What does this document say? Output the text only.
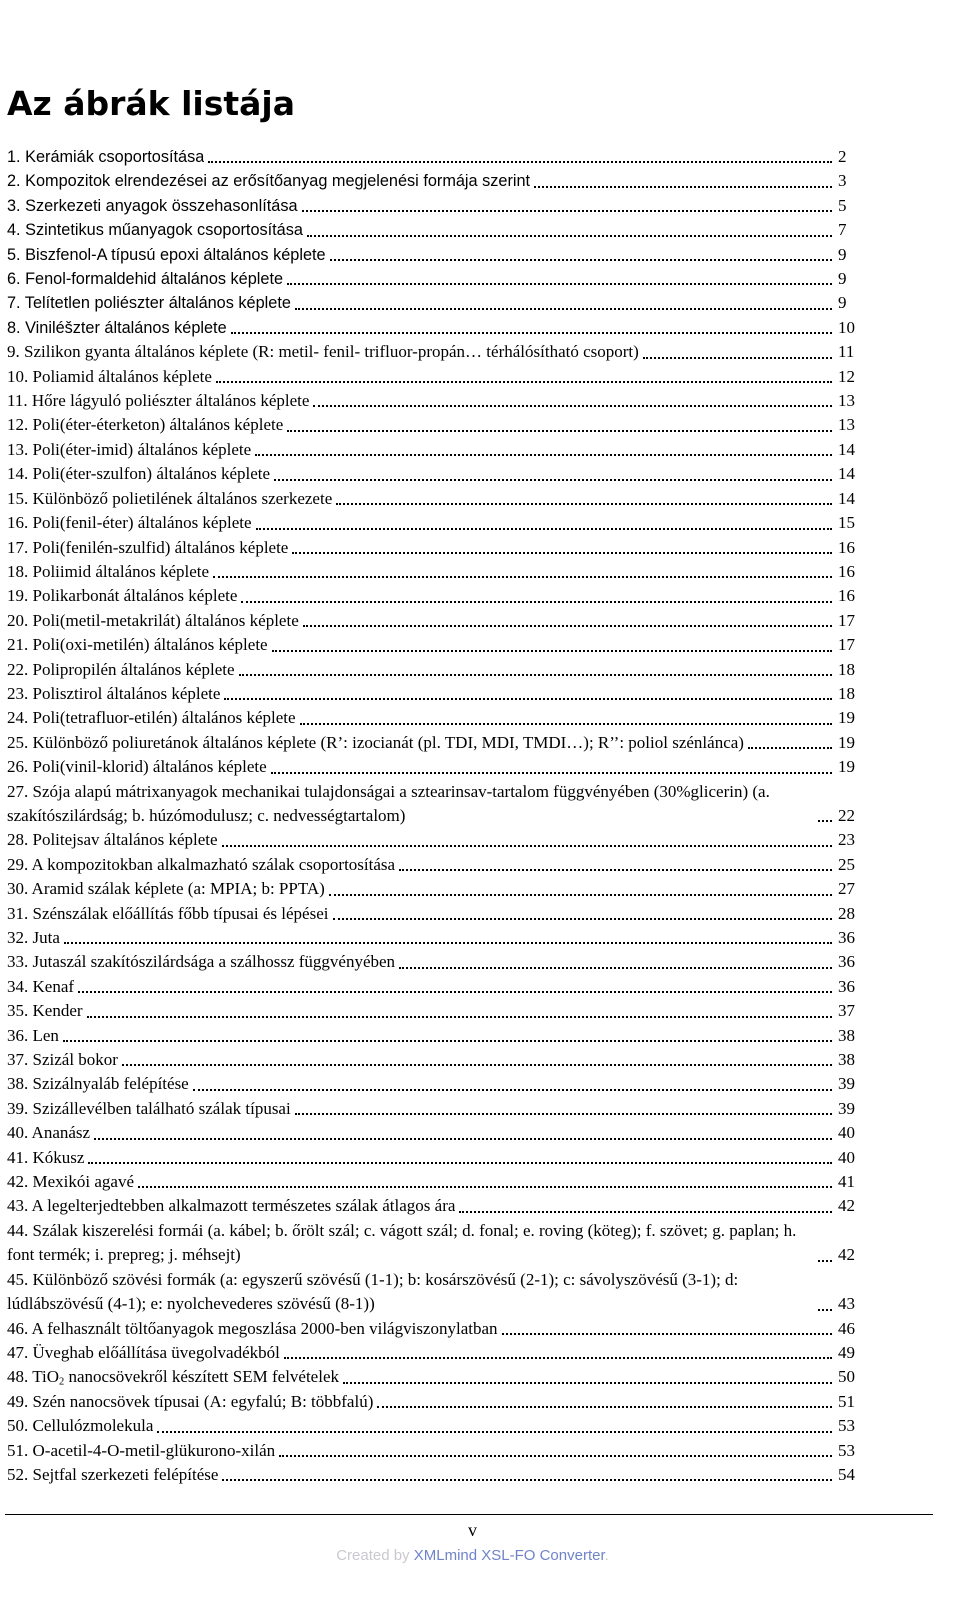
Az ábrák listája
1. Kerámiák csoportosítása	2
2. Kompozitok elrendezései az erősítőanyag megjelenési formája szerint	3
3. Szerkezeti anyagok összehasonlítása	5
4. Szintetikus műanyagok csoportosítása	7
5. Biszfenol-A típusú epoxi általános képlete	9
6. Fenol-formaldehid általános képlete	9
7. Telítetlen poliészter általános képlete	9
8. Viniléšzter általános képlete	10
9. Szilikon gyanta általános képlete (R: metil- fenil- trifluor-propán… térhálósítható csoport)	11
10. Poliamid általános képlete	12
11. Hőre lágyuló poliészter általános képlete	13
12. Poli(éter-éterketon) általános képlete	13
13. Poli(éter-imid) általános képlete	14
14. Poli(éter-szulfon) általános képlete	14
15. Különböző polietilének általános szerkezete	14
16. Poli(fenil-éter) általános képlete	15
17. Poli(fenilén-szulfid) általános képlete	16
18. Poliimid általános képlete	16
19. Polikarbonát általános képlete	16
20. Poli(metil-metakrilát) általános képlete	17
21. Poli(oxi-metilén) általános képlete	17
22. Polipropilén általános képlete	18
23. Polisztirol általános képlete	18
24. Poli(tetrafluor-etilén) általános képlete	19
25. Különböző poliuretánok általános képlete (R’: izocianát (pl. TDI, MDI, TMDI…); R’’: poliol szénlánca)	19
26. Poli(vinil-klorid) általános képlete	19
27. Szója alapú mátrixanyagok mechanikai tulajdonságai a sztearinsav-tartalom függvényében (30%glicerin) (a. szakítószilárdság; b. húzómodulusz; c. nedvességtartalom)	22
28. Politejsav általános képlete	23
29. A kompozitokban alkalmazható szálak csoportosítása	25
30. Aramid szálak képlete (a: MPIA; b: PPTA)	27
31. Szénszálak előállítás főbb típusai és lépései	28
32. Juta	36
33. Jutaszál szakítószilárdsága a szálhossz függvényében	36
34. Kenaf	36
35. Kender	37
36. Len	38
37. Szizál bokor	38
38. Szizálnyaláb felépítése	39
39. Szizállevélben található szálak típusai	39
40. Ananász	40
41. Kókusz	40
42. Mexikói agavé	41
43. A legelterjedtebben alkalmazott természetes szálak átlagos ára	42
44. Szálak kiszerelési formái (a. kábel; b. őrölt szál; c. vágott szál; d. fonal; e. roving (köteg); f. szövet; g. paplan; h. font termék; i. prepreg; j. méhsejt)	42
45. Különböző szövési formák (a: egyszerű szövésű (1-1); b: kosárszövésű (2-1); c: sávolyszövésű (3-1); d: lúdlábszövésű (4-1); e: nyolchevederes szövésű (8-1))	43
46. A felhasznált töltőanyagok megoszlása 2000-ben világviszonylatban	46
47. Üveghab előállítása üvegolvadékból	49
48. TiO$_2$ nanocsövekről készített SEM felvételek	50
49. Szén nanocsövek típusai (A: egyfalú; B: többfalú)	51
50. Cellulózmolekula	53
51. O-acetil-4-O-metil-glükurono-xilán	53
52. Sejtfal szerkezeti felépítése	54
v
Created by XMLmind XSL-FO Converter.
